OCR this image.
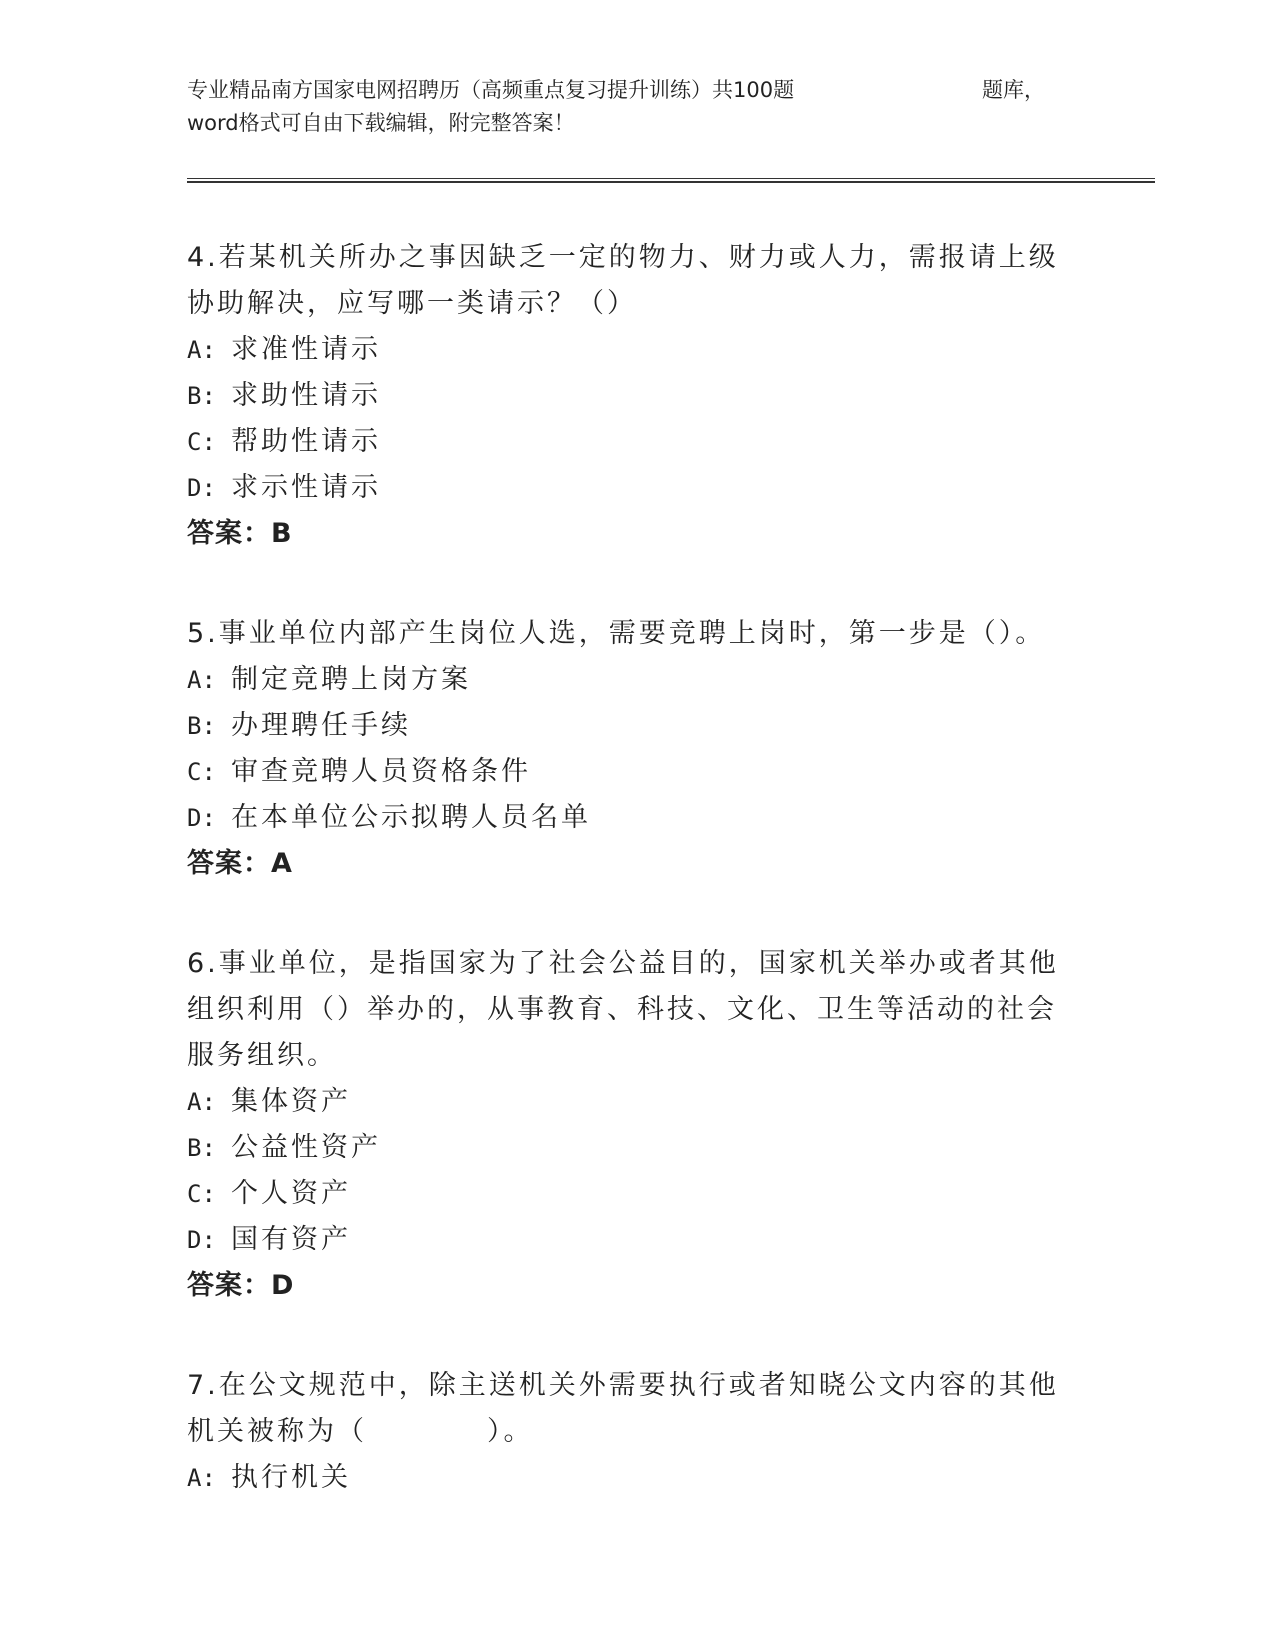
专业精品南方国家电网招聘历（高频重点复习提升训练）共100题	题库，
word格式可自由下载编辑，附完整答案！

4.若某机关所办之事因缺乏一定的物力、财力或人力，需报请上级协助解决，应写哪一类请示？（）

A: 求准性请示

B: 求助性请示

C: 帮助性请示

D: 求示性请示

答案：B

5.事业单位内部产生岗位人选，需要竞聘上岗时，第一步是（）。

A: 制定竞聘上岗方案

B: 办理聘任手续

C: 审查竞聘人员资格条件

D: 在本单位公示拟聘人员名单

答案：A

6.事业单位，是指国家为了社会公益目的，国家机关举办或者其他组织利用（）举办的，从事教育、科技、文化、卫生等活动的社会服务组织。

A: 集体资产

B: 公益性资产

C: 个人资产

D: 国有资产

答案：D

7.在公文规范中，除主送机关外需要执行或者知晓公文内容的其他机关被称为（　　　　）。

A: 执行机关
